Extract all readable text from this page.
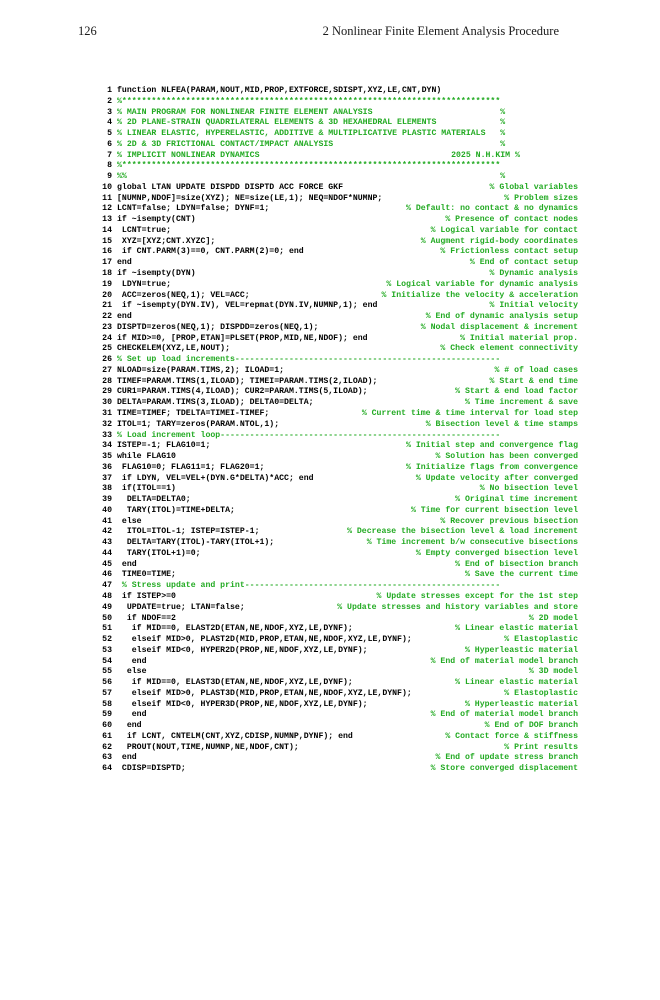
126	2 Nonlinear Finite Element Analysis Procedure
1 function NLFEA(PARAM,NOUT,MID,PROP,EXTFORCE,SDISPT,XYZ,LE,CNT,DYN)
2 %*****************************************************************************
3 % MAIN PROGRAM FOR NONLINEAR FINITE ELEMENT ANALYSIS                          %
4 % 2D PLANE-STRAIN QUADRILATERAL ELEMENTS & 3D HEXAHEDRAL ELEMENTS             %
5 % LINEAR ELASTIC, HYPERELASTIC, ADDITIVE & MULTIPLICATIVE PLASTIC MATERIALS   %
6 % 2D & 3D FRICTIONAL CONTACT/IMPACT ANALYSIS                                  %
7 % IMPLICIT NONLINEAR DYNAMICS                                       2025 N.H.KIM %
8 %*****************************************************************************
9 %%                                                                            %
10 global LTAN UPDATE DISPDD DISPTD ACC FORCE GKF	% Global variables
11 [NUMNP,NDOF]=size(XYZ); NE=size(LE,1); NEQ=NDOF*NUMNP;	% Problem sizes
12 LCNT=false; LDYN=false; DYNF=1;	% Default: no contact & no dynamics
13 if ~isempty(CNT)	% Presence of contact nodes
14 LCNT=true;	% Logical variable for contact
15 XYZ=[XYZ;CNT.XYZC];	% Augment rigid-body coordinates
16 if CNT.PARM(3)==0, CNT.PARM(2)=0; end	% Frictionless contact setup
17 end	% End of contact setup
18 if ~isempty(DYN)	% Dynamic analysis
19 LDYN=true;	% Logical variable for dynamic analysis
20 ACC=zeros(NEQ,1); VEL=ACC;	% Initialize the velocity & acceleration
21 if ~isempty(DYN.IV), VEL=repmat(DYN.IV,NUMNP,1); end	% Initial velocity
22 end	% End of dynamic analysis setup
23 DISPTD=zeros(NEQ,1); DISPDD=zeros(NEQ,1);	% Nodal displacement & increment
24 if MID>=0, [PROP,ETAN]=PLSET(PROP,MID,NE,NDOF); end	% Initial material prop.
25 CHECKELEM(XYZ,LE,NOUT);	% Check element connectivity
26 % Set up load increments------------------------------------------------------
27 NLOAD=size(PARAM.TIMS,2); ILOAD=1;	% # of load cases
28 TIMEF=PARAM.TIMS(1,ILOAD); TIMEI=PARAM.TIMS(2,ILOAD);	% Start & end time
29 CUR1=PARAM.TIMS(4,ILOAD); CUR2=PARAM.TIMS(5,ILOAD);	% Start & end load factor
30 DELTA=PARAM.TIMS(3,ILOAD); DELTA0=DELTA;	% Time increment & save
31 TIME=TIMEF; TDELTA=TIMEI-TIMEF;	% Current time & time interval for load step
32 ITOL=1; TARY=zeros(PARAM.NTOL,1);	% Bisection level & time stamps
33 % Load increment loop---------------------------------------------------------
34 ISTEP=-1; FLAG10=1;	% Initial step and convergence flag
35 while FLAG10	% Solution has been converged
36 FLAG10=0; FLAG11=1; FLAG20=1;	% Initialize flags from convergence
37 if LDYN, VEL=VEL+(DYN.G*DELTA)*ACC; end	% Update velocity after converged
38 if(ITOL==1)	% No bisection level
39 DELTA=DELTA0;	% Original time increment
40 TARY(ITOL)=TIME+DELTA;	% Time for current bisection level
41 else	% Recover previous bisection
42 ITOL=ITOL-1; ISTEP=ISTEP-1;	% Decrease the bisection level & load increment
43 DELTA=TARY(ITOL)-TARY(ITOL+1);	% Time increment b/w consecutive bisections
44 TARY(ITOL+1)=0;	% Empty converged bisection level
45 end	% End of bisection branch
46 TIME0=TIME;	% Save the current time
47 % Stress update and print----------------------------------------------------
48 if ISTEP>=0	% Update stresses except for the 1st step
49 UPDATE=true; LTAN=false;	% Update stresses and history variables and store
50 if NDOF==2	% 2D model
51 if MID==0, ELAST2D(ETAN,NE,NDOF,XYZ,LE,DYNF);	% Linear elastic material
52 elseif MID>0, PLAST2D(MID,PROP,ETAN,NE,NDOF,XYZ,LE,DYNF);	% Elastoplastic
53 elseif MID<0, HYPER2D(PROP,NE,NDOF,XYZ,LE,DYNF);	% Hyperleastic material
54 end	% End of material model branch
55 else	% 3D model
56 if MID==0, ELAST3D(ETAN,NE,NDOF,XYZ,LE,DYNF);	% Linear elastic material
57 elseif MID>0, PLAST3D(MID,PROP,ETAN,NE,NDOF,XYZ,LE,DYNF);	% Elastoplastic
58 elseif MID<0, HYPER3D(PROP,NE,NDOF,XYZ,LE,DYNF);	% Hyperleastic material
59 end	% End of material model branch
60 end	% End of DOF branch
61 if LCNT, CNTELM(CNT,XYZ,CDISP,NUMNP,DYNF); end	% Contact force & stiffness
62 PROUT(NOUT,TIME,NUMNP,NE,NDOF,CNT);	% Print results
63 end	% End of update stress branch
64 CDISP=DISPTD;	% Store converged displacement
